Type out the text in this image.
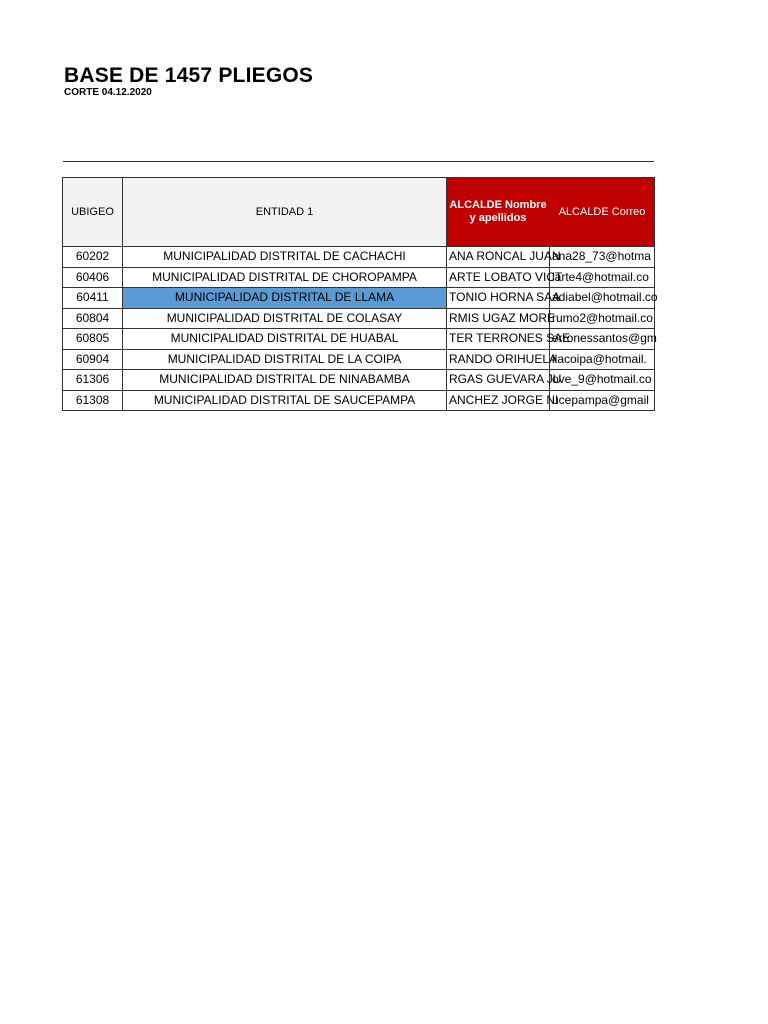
BASE DE 1457 PLIEGOS
CORTE 04.12.2020
UBIGEO	ENTIDAD 1	ALCALDE Nombre y apellidos	ALCALDE Correo
60202	MUNICIPALIDAD DISTRITAL DE CACHACHI	ANA RONCAL JUAN	ana28_73@hotma
60406	MUNICIPALIDAD DISTRITAL DE CHOROPAMPA	ARTE LOBATO VICT	iarte4@hotmail.co
60411	MUNICIPALIDAD DISTRITAL DE LLAMA	TONIO HORNA SAA	adiabel@hotmail.co
60804	MUNICIPALIDAD DISTRITAL DE COLASAY	RMIS UGAZ MORE	rumo2@hotmail.co
60805	MUNICIPALIDAD DISTRITAL DE HUABAL	TER TERRONES SAE	erronessantos@gm
60904	MUNICIPALIDAD DISTRITAL DE LA COIPA	RANDO ORIHUELA	ilacoipa@hotmail.
61306	MUNICIPALIDAD DISTRITAL DE NINABAMBA	RGAS GUEVARA JU	ove_9@hotmail.co
61308	MUNICIPALIDAD DISTRITAL DE SAUCEPAMPA	ANCHEZ JORGE NI	ucepampa@gmail
